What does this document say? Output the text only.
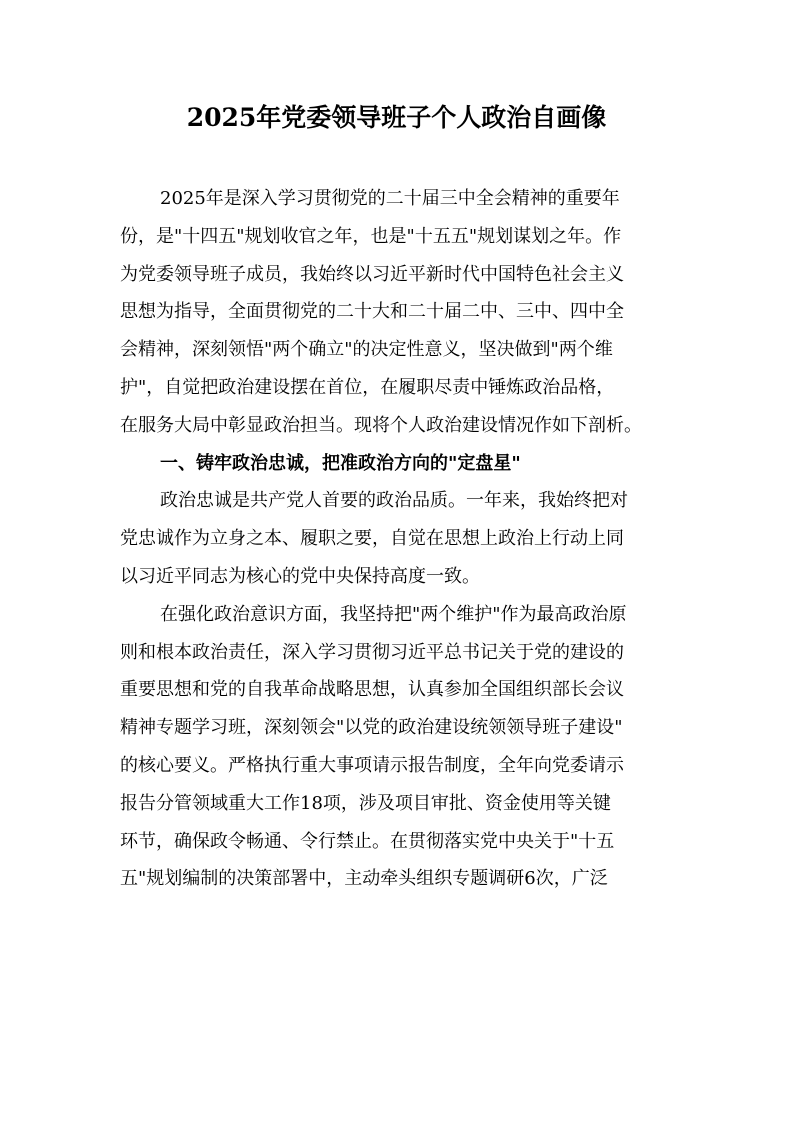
2025年党委领导班子个人政治自画像

2025年是深入学习贯彻党的二十届三中全会精神的重要年

份，是"十四五"规划收官之年，也是"十五五"规划谋划之年。作

为党委领导班子成员，我始终以习近平新时代中国特色社会主义

思想为指导，全面贯彻党的二十大和二十届二中、三中、四中全

会精神，深刻领悟"两个确立"的决定性意义，坚决做到"两个维

护"，自觉把政治建设摆在首位，在履职尽责中锤炼政治品格，

在服务大局中彰显政治担当。现将个人政治建设情况作如下剖析。

一、铸牢政治忠诚，把准政治方向的"定盘星"

政治忠诚是共产党人首要的政治品质。一年来，我始终把对

党忠诚作为立身之本、履职之要，自觉在思想上政治上行动上同

以习近平同志为核心的党中央保持高度一致。

在强化政治意识方面，我坚持把"两个维护"作为最高政治原

则和根本政治责任，深入学习贯彻习近平总书记关于党的建设的

重要思想和党的自我革命战略思想，认真参加全国组织部长会议

精神专题学习班，深刻领会"以党的政治建设统领领导班子建设"

的核心要义。严格执行重大事项请示报告制度，全年向党委请示

报告分管领域重大工作18项，涉及项目审批、资金使用等关键

环节，确保政令畅通、令行禁止。在贯彻落实党中央关于"十五

五"规划编制的决策部署中，主动牵头组织专题调研6次，广泛
